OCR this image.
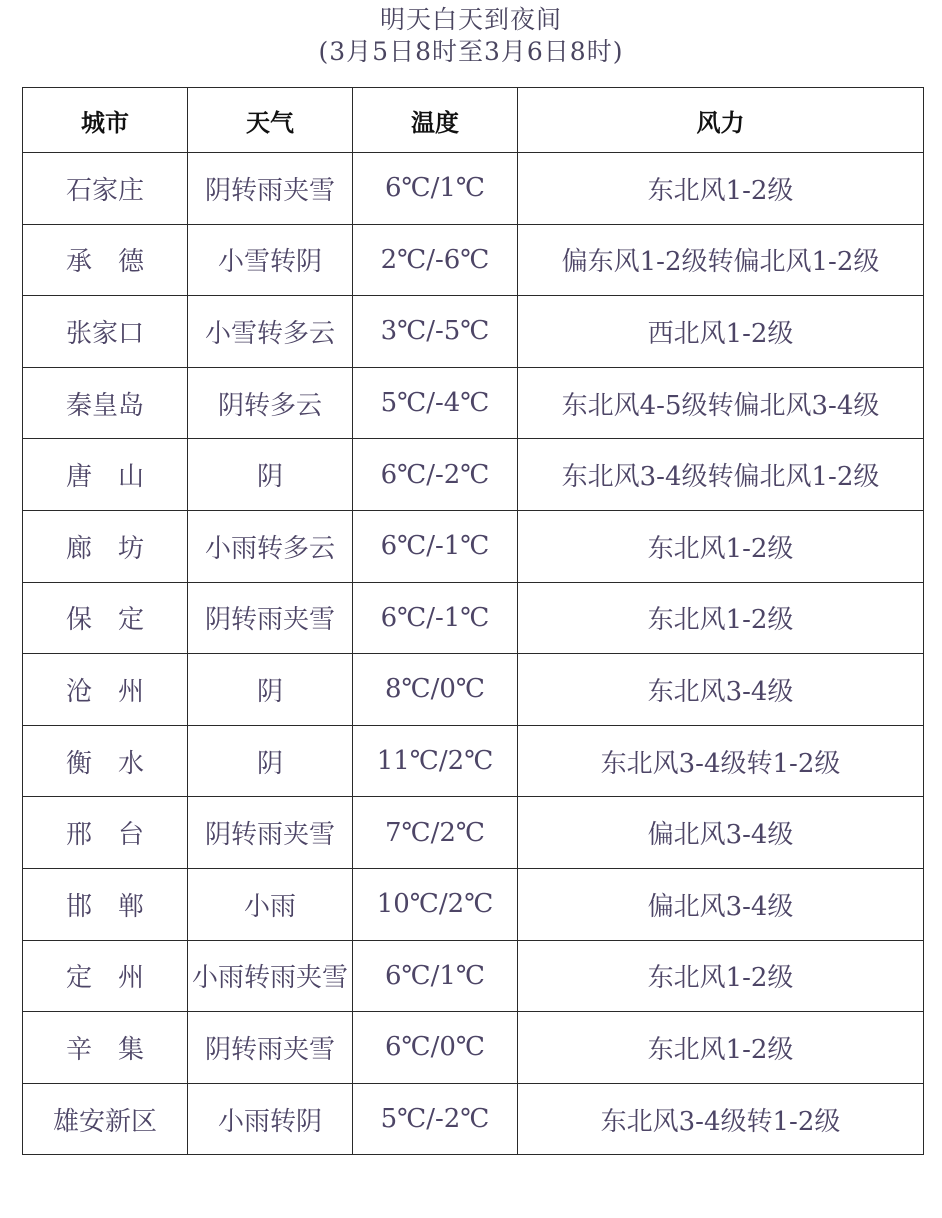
明天白天到夜间
(3月5日8时至3月6日8时)
城市	天气	温度	风力
石家庄	阴转雨夹雪	6℃/1℃	东北风1-2级
承德	小雪转阴	2℃/-6℃	偏东风1-2级转偏北风1-2级
张家口	小雪转多云	3℃/-5℃	西北风1-2级
秦皇岛	阴转多云	5℃/-4℃	东北风4-5级转偏北风3-4级
唐山	阴	6℃/-2℃	东北风3-4级转偏北风1-2级
廊坊	小雨转多云	6℃/-1℃	东北风1-2级
保定	阴转雨夹雪	6℃/-1℃	东北风1-2级
沧州	阴	8℃/0℃	东北风3-4级
衡水	阴	11℃/2℃	东北风3-4级转1-2级
邢台	阴转雨夹雪	7℃/2℃	偏北风3-4级
邯郸	小雨	10℃/2℃	偏北风3-4级
定州	小雨转雨夹雪	6℃/1℃	东北风1-2级
辛集	阴转雨夹雪	6℃/0℃	东北风1-2级
雄安新区	小雨转阴	5℃/-2℃	东北风3-4级转1-2级
